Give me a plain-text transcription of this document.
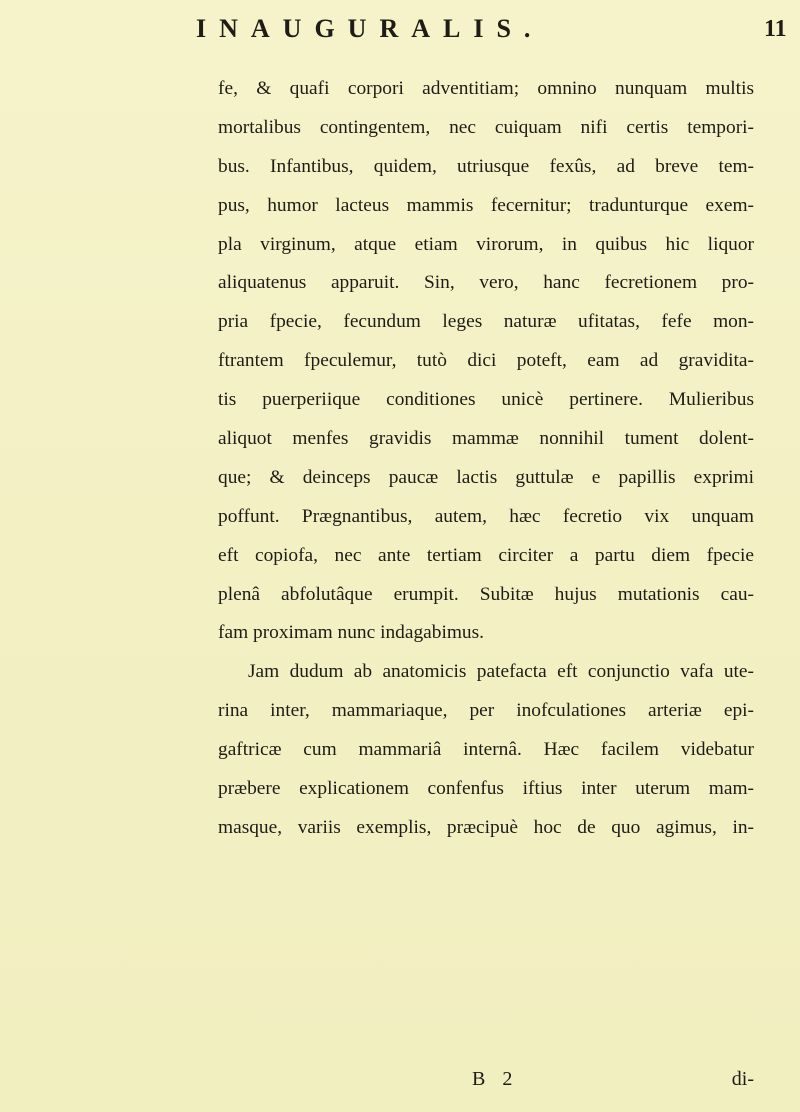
INAUGURALIS.	11
fe, & quafi corpori adventitiam; omnino nunquam multis
mortalibus contingentem, nec cuiquam nifi certis tempori-
bus. Infantibus, quidem, utriusque fexûs, ad breve tem-
pus, humor lacteus mammis fecernitur; tradunturque exem-
pla virginum, atque etiam virorum, in quibus hic liquor
aliquatenus apparuit. Sin, vero, hanc fecretionem pro-
pria fpecie, fecundum leges naturæ ufitatas, fefe mon-
ftrantem fpeculemur, tutò dici poteft, eam ad gravidita-
tis puerperiique conditiones unicè pertinere. Mulieribus
aliquot menfes gravidis mammæ nonnihil tument dolent-
que; & deinceps paucæ lactis guttulæ e papillis exprimi
poffunt. Prægnantibus, autem, hæc fecretio vix unquam
eft copiofa, nec ante tertiam circiter a partu diem fpecie
plenâ abfolutâque erumpit. Subitæ hujus mutationis cau-
fam proximam nunc indagabimus.
Jam dudum ab anatomicis patefacta eft conjunctio vafa ute-
rina inter, mammariaque, per inofculationes arteriæ epi-
gaftricæ cum mammariâ internâ. Hæc facilem videbatur
præbere explicationem confenfus iftius inter uterum mam-
masque, variis exemplis, præcipuè hoc de quo agimus, in-
B 2	di-
